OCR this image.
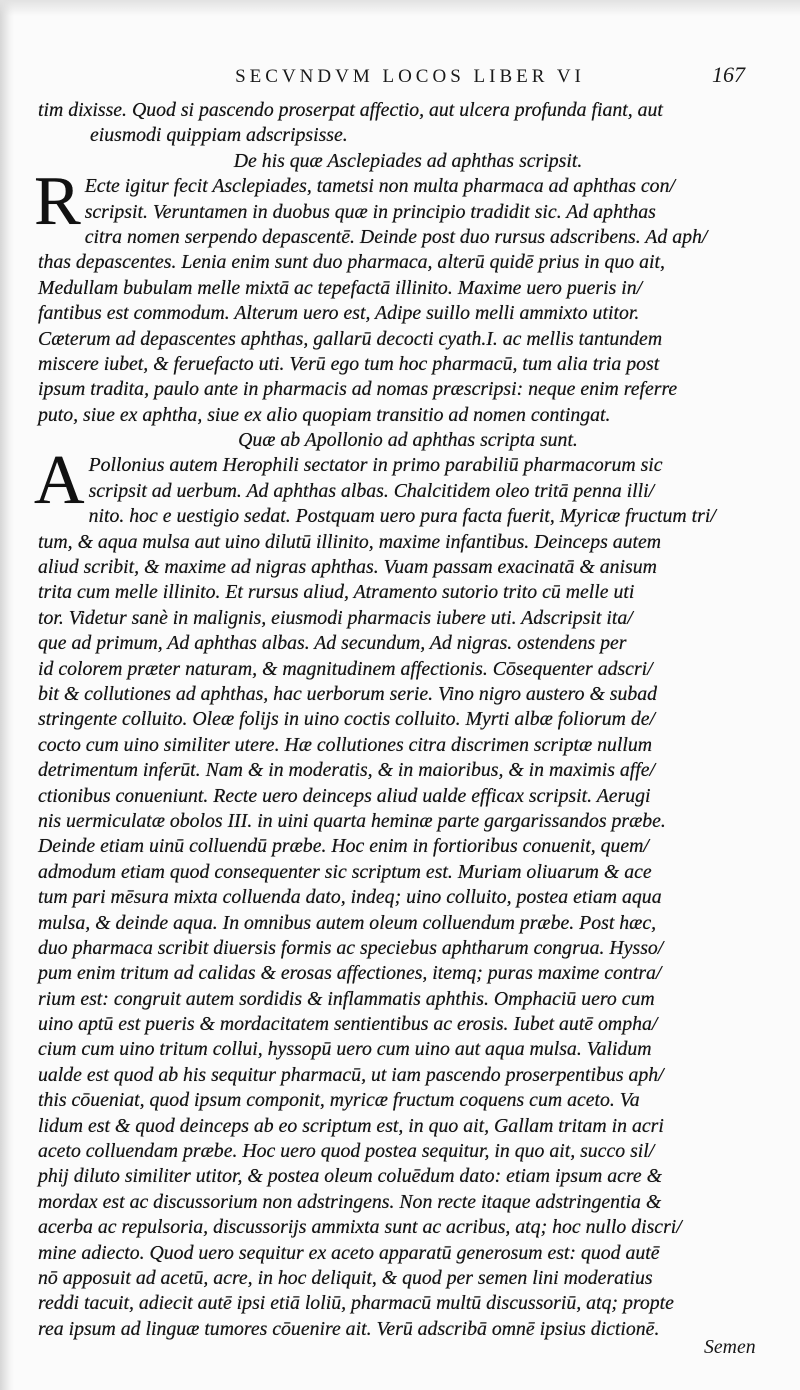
SECVNDVM LOCOS LIBER VI	167
tim dixisse. Quod si pascendo proserpat affectio, aut ulcera profunda fiant, aut
eiusmodi quippiam adscripsisse.
De his quæ Asclepiades ad aphthas scripsit.
R Ecte igitur fecit Asclepiades, tametsi non multa pharmaca ad aphthas con/
scripsit. Veruntamen in duobus quæ in principio tradidit sic. Ad aphthas
citra nomen serpendo depascentē. Deinde post duo rursus adscribens. Ad aph/
thas depascentes. Lenia enim sunt duo pharmaca, alterū quidē prius in quo ait,
Medullam bubulam melle mixtā ac tepefactā illinito. Maxime uero pueris in/
fantibus est commodum. Alterum uero est, Adipe suillo melli ammixto utitor.
Cæterum ad depascentes aphthas, gallarū decocti cyath.I. ac mellis tantundem
miscere iubet, & feruefacto uti. Verū ego tum hoc pharmacū, tum alia tria post
ipsum tradita, paulo ante in pharmacis ad nomas præscripsi: neque enim referre
puto, siue ex aphtha, siue ex alio quopiam transitio ad nomen contingat.
Quæ ab Apollonio ad aphthas scripta sunt.
A Pollonius autem Herophili sectator in primo parabiliū pharmacorum sic
scripsit ad uerbum. Ad aphthas albas. Chalcitidem oleo tritā penna illi/
nito. hoc e uestigio sedat. Postquam uero pura facta fuerit, Myricæ fructum tri/
tum, & aqua mulsa aut uino dilutū illinito, maxime infantibus. Deinceps autem
aliud scribit, & maxime ad nigras aphthas. Vuam passam exacinatā & anisum
trita cum melle illinito. Et rursus aliud, Atramento sutorio trito cū melle uti
tor. Videtur sanè in malignis, eiusmodi pharmacis iubere uti. Adscripsit ita/
que ad primum, Ad aphthas albas. Ad secundum, Ad nigras. ostendens per
id colorem præter naturam, & magnitudinem affectionis. Cōsequenter adscri/
bit & collutiones ad aphthas, hac uerborum serie. Vino nigro austero & subad
stringente colluito. Oleæ folijs in uino coctis colluito. Myrti albæ foliorum de/
cocto cum uino similiter utere. Hæ collutiones citra discrimen scriptæ nullum
detrimentum inferūt. Nam & in moderatis, & in maioribus, & in maximis affe/
ctionibus conueniunt. Recte uero deinceps aliud ualde efficax scripsit. Aerugi
nis uermiculatæ obolos III. in uini quarta heminæ parte gargarissandos præbe.
Deinde etiam uinū colluendū præbe. Hoc enim in fortioribus conuenit, quem/
admodum etiam quod consequenter sic scriptum est. Muriam oliuarum & ace
tum pari mēsura mixta colluenda dato, indeq; uino colluito, postea etiam aqua
mulsa, & deinde aqua. In omnibus autem oleum colluendum præbe. Post hæc,
duo pharmaca scribit diuersis formis ac speciebus aphtharum congrua. Hysso/
pum enim tritum ad calidas & erosas affectiones, itemq; puras maxime contra/
rium est: congruit autem sordidis & inflammatis aphthis. Omphaciū uero cum
uino aptū est pueris & mordacitatem sentientibus ac erosis. Iubet autē ompha/
cium cum uino tritum collui, hyssopū uero cum uino aut aqua mulsa. Validum
ualde est quod ab his sequitur pharmacū, ut iam pascendo proserpentibus aph/
this cōueniat, quod ipsum componit, myricæ fructum coquens cum aceto. Va
lidum est & quod deinceps ab eo scriptum est, in quo ait, Gallam tritam in acri
aceto colluendam præbe. Hoc uero quod postea sequitur, in quo ait, succo sil/
phij diluto similiter utitor, & postea oleum coluēdum dato: etiam ipsum acre &
mordax est ac discussorium non adstringens. Non recte itaque adstringentia &
acerba ac repulsoria, discussorijs ammixta sunt ac acribus, atq; hoc nullo discri/
mine adiecto. Quod uero sequitur ex aceto apparatū generosum est: quod autē
nō apposuit ad acetū, acre, in hoc deliquit, & quod per semen lini moderatius
reddi tacuit, adiecit autē ipsi etiā loliū, pharmacū multū discussoriū, atq; propte
rea ipsum ad linguæ tumores cōuenire ait. Verū adscribā omnē ipsius dictionē.
Semen
